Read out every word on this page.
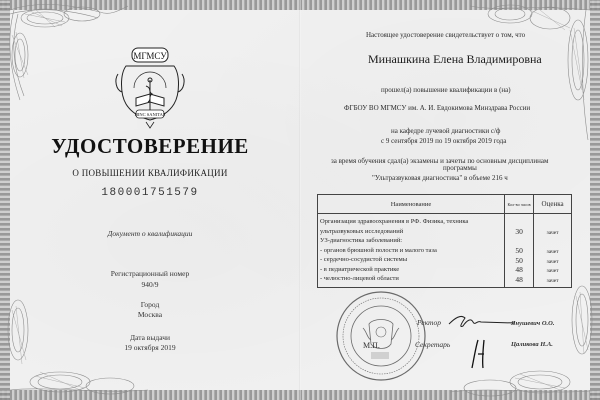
МГМСУ
HINC SANITAS
УДОСТОВЕРЕНИЕ
О ПОВЫШЕНИИ КВАЛИФИКАЦИИ
180001751579
Документ о квалификации
Регистрационный номер
940/9
Город
Москва
Дата выдачи
19 октября 2019
Настоящее удостоверение свидетельствует о том, что
Минашкина Елена Владимировна
прошел(а) повышение квалификации в (на)
ФГБОУ ВО МГМСУ им. А. И. Евдокимова Минздрава России
на кафедре лучевой диагностики с/ф
с 9 сентября 2019 по 19 октября 2019 года
за время обучения сдал(а) экзамены и зачеты по основным дисциплинам
программы
"Ультразвуковая диагностика" в объеме 216 ч
Наименование	Кол-во часов	Оценка
Организация здравоохранения в РФ. Физика, техника		
ультразвуковых исследований	30	зачет
УЗ-диагностика заболеваний:		
- органов брюшной полости и малого таза	50	зачет
- сердечно-сосудистой системы	50	зачет
- в педиатрической практике	48	зачет
- челюстно-лицевой области	48	зачет
М.П.
Ректор	Янушевич О.О.
Секретарь	Цаликова Н.А.
